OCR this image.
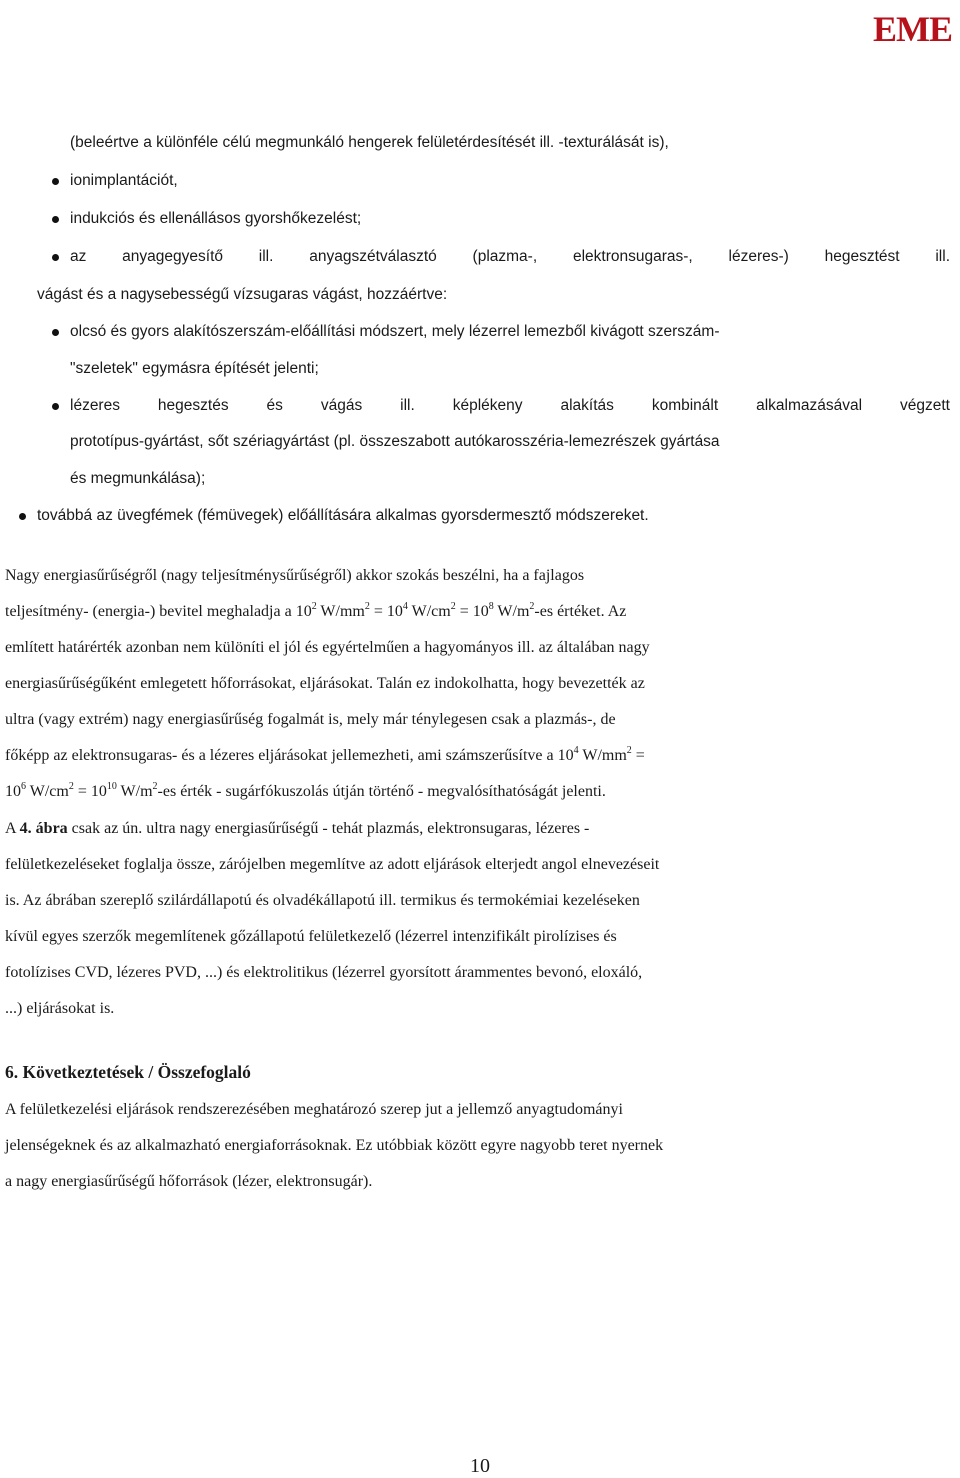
EME
(beleértve a különféle célú megmunkáló hengerek felületérdesítését ill. -texturálását is),
ionimplantációt,
indukciós és ellenállásos gyorshőkezelést;
az anyagegyesítő ill. anyagszétválasztó (plazma-, elektronsugaras-, lézeres-) hegesztést ill.
vágást és a nagysebességű vízsugaras vágást, hozzáértve:
olcsó és gyors alakítószerszám-előállítási módszert, mely lézerrel lemezből kivágott szerszám-
"szeletek" egymásra építését jelenti;
lézeres hegesztés és vágás ill. képlékeny alakítás kombinált alkalmazásával végzett
prototípus-gyártást, sőt szériagyártást (pl. összeszabott autókarosszéria-lemezrészek gyártása
és megmunkálása);
továbbá az üvegfémek (fémüvegek) előállítására alkalmas gyorsdermesztő módszereket.
Nagy energiasűrűségről (nagy teljesítménysűrűségről) akkor szokás beszélni, ha a fajlagos
teljesítmény- (energia-) bevitel meghaladja a $10^2$ $W/mm^2 = 10^4$ $W/cm^2 = 10^8$ $W/m^2-es$ értéket. Az
említett határérték azonban nem különíti el jól és egyértelműen a hagyományos ill. az általában nagy
energiasűrűségűként emlegetett hőforrásokat, eljárásokat. Talán ez indokolhatta, hogy bevezették az
ultra (vagy extrém) nagy energiasűrűség fogalmát is, mely már ténylegesen csak a plazmás-, de
főképp az elektronsugaras- és a lézeres eljárásokat jellemezheti, ami számszerűsítve a $10^4$ $W/mm^2$ =
$10^6$ $W/cm^2 = 10^{10}$ $W/m^2-es$ érték - sugárfókuszolás útján történő - megvalósíthatóságát jelenti.
A 4. ábra csak az ún. ultra nagy energiasűrűségű - tehát plazmás, elektronsugaras, lézeres -
felületkezeléseket foglalja össze, zárójelben megemlítve az adott eljárások elterjedt angol elnevezéseit
is. Az ábrában szereplő szilárdállapotú és olvadékállapotú ill. termikus és termokémiai kezeléseken
kívül egyes szerzők megemlítenek gőzállapotú felületkezelő (lézerrel intenzifikált pirolízises és
fotolízises CVD, lézeres PVD, ...) és elektrolitikus (lézerrel gyorsított árammentes bevonó, eloxáló,
...) eljárásokat is.
6. Következtetések / Összefoglaló
A felületkezelési eljárások rendszerezésében meghatározó szerep jut a jellemző anyagtudományi
jelenségeknek és az alkalmazható energiaforrásoknak. Ez utóbbiak között egyre nagyobb teret nyernek
a nagy energiasűrűségű hőforrások (lézer, elektronsugár).
10
